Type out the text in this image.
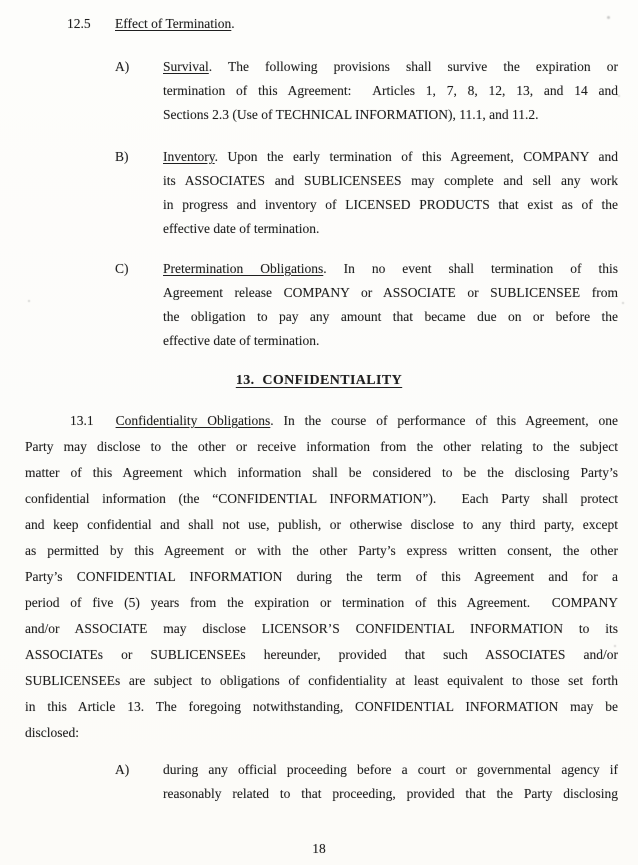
12.5	Effect of Termination.
A)	Survival. The following provisions shall survive the expiration or
termination of this Agreement:  Articles 1, 7, 8, 12, 13, and 14 and
Sections 2.3 (Use of TECHNICAL INFORMATION), 11.1, and 11.2.
B)	Inventory. Upon the early termination of this Agreement, COMPANY and
its ASSOCIATES and SUBLICENSEES may complete and sell any work
in progress and inventory of LICENSED PRODUCTS that exist as of the
effective date of termination.
C)	Pretermination Obligations. In no event shall termination of this
Agreement release COMPANY or ASSOCIATE or SUBLICENSEE from
the obligation to pay any amount that became due on or before the
effective date of termination.
13.  CONFIDENTIALITY
13.1 Confidentiality Obligations. In the course of performance of this Agreement, one
Party may disclose to the other or receive information from the other relating to the subject
matter of this Agreement which information shall be considered to be the disclosing Party’s
confidential information (the “CONFIDENTIAL INFORMATION”).  Each Party shall protect
and keep confidential and shall not use, publish, or otherwise disclose to any third party, except
as permitted by this Agreement or with the other Party’s express written consent, the other
Party’s CONFIDENTIAL INFORMATION during the term of this Agreement and for a
period of five (5) years from the expiration or termination of this Agreement.  COMPANY
and/or ASSOCIATE may disclose LICENSOR’S CONFIDENTIAL INFORMATION to its
ASSOCIATEs or SUBLICENSEEs hereunder, provided that such ASSOCIATES and/or
SUBLICENSEEs are subject to obligations of confidentiality at least equivalent to those set forth
in this Article 13. The foregoing notwithstanding, CONFIDENTIAL INFORMATION may be
disclosed:
A)	during any official proceeding before a court or governmental agency if
reasonably related to that proceeding, provided that the Party disclosing
18
